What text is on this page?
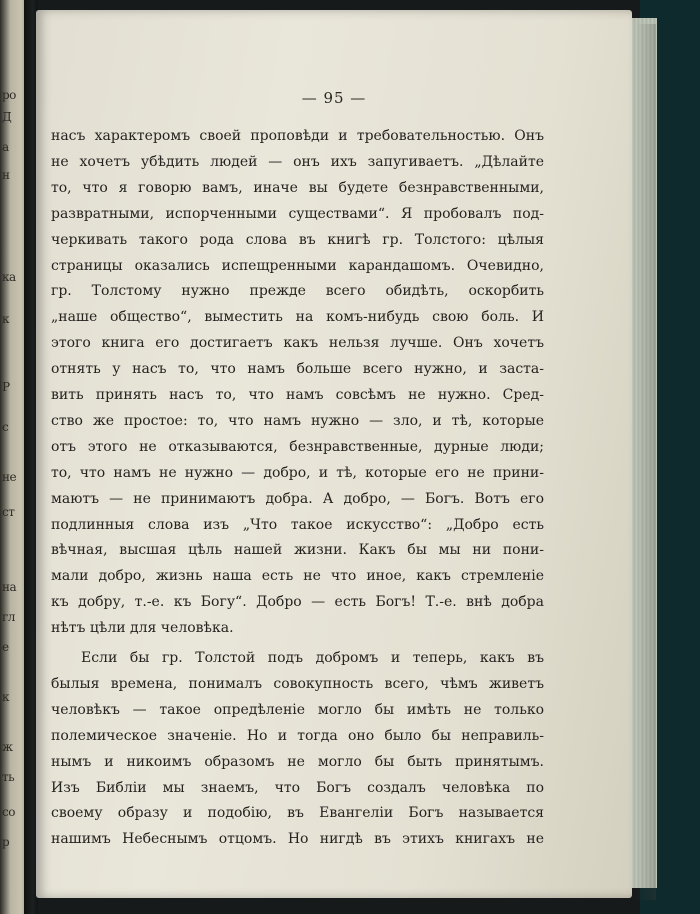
ро
Д
а
н
ка
к
Р
с
не
ст
на
гл
е
к
ж
ть
со
р
— 95 —
насъ характеромъ своей проповѣди и требовательностью. Онъ
не хочетъ убѣдить людей — онъ ихъ запугиваетъ. „Дѣлайте
то, что я говорю вамъ, иначе вы будете безнравственными,
развратными, испорченными существами“. Я пробовалъ под-
черкивать такого рода слова въ книгѣ гр. Толстого: цѣлыя
страницы оказались испещренными карандашомъ. Очевидно,
гр. Толстому нужно прежде всего обидѣть, оскорбить
„наше общество“, выместить на комъ-нибудь свою боль. И
этого книга его достигаетъ какъ нельзя лучше. Онъ хочетъ
отнять у насъ то, что намъ больше всего нужно, и застa-
вить принять насъ то, что намъ совсѣмъ не нужно. Сред-
ство же простое: то, что намъ нужно — зло, и тѣ, которые
отъ этого не отказываются, безнравственные, дурные люди;
то, что намъ не нужно — добро, и тѣ, которые его не прини-
маютъ — не принимаютъ добра. А добро, — Богъ. Вотъ его
подлинныя слова изъ „Что такое искусство“: „Добро есть
вѣчная, высшая цѣль нашей жизни. Какъ бы мы ни пони-
мали добро, жизнь наша есть не что иное, какъ стремленіе
къ добру, т.-е. къ Богу“. Добро — есть Богъ! Т.-е. внѣ добра
нѣтъ цѣли для человѣка.
Если бы гр. Толстой подъ добромъ и теперь, какъ въ
былыя времена, понималъ совокупность всего, чѣмъ живетъ
человѣкъ — такое опредѣленіе могло бы имѣть не только
полемическое значеніе. Но и тогда оно было бы неправиль-
нымъ и никоимъ образомъ не могло бы быть принятымъ.
Изъ Библіи мы знаемъ, что Богъ создалъ человѣка по
своему образу и подобію, въ Евангеліи Богъ называется
нашимъ Небеснымъ отцомъ. Но нигдѣ въ этихъ книгахъ не
